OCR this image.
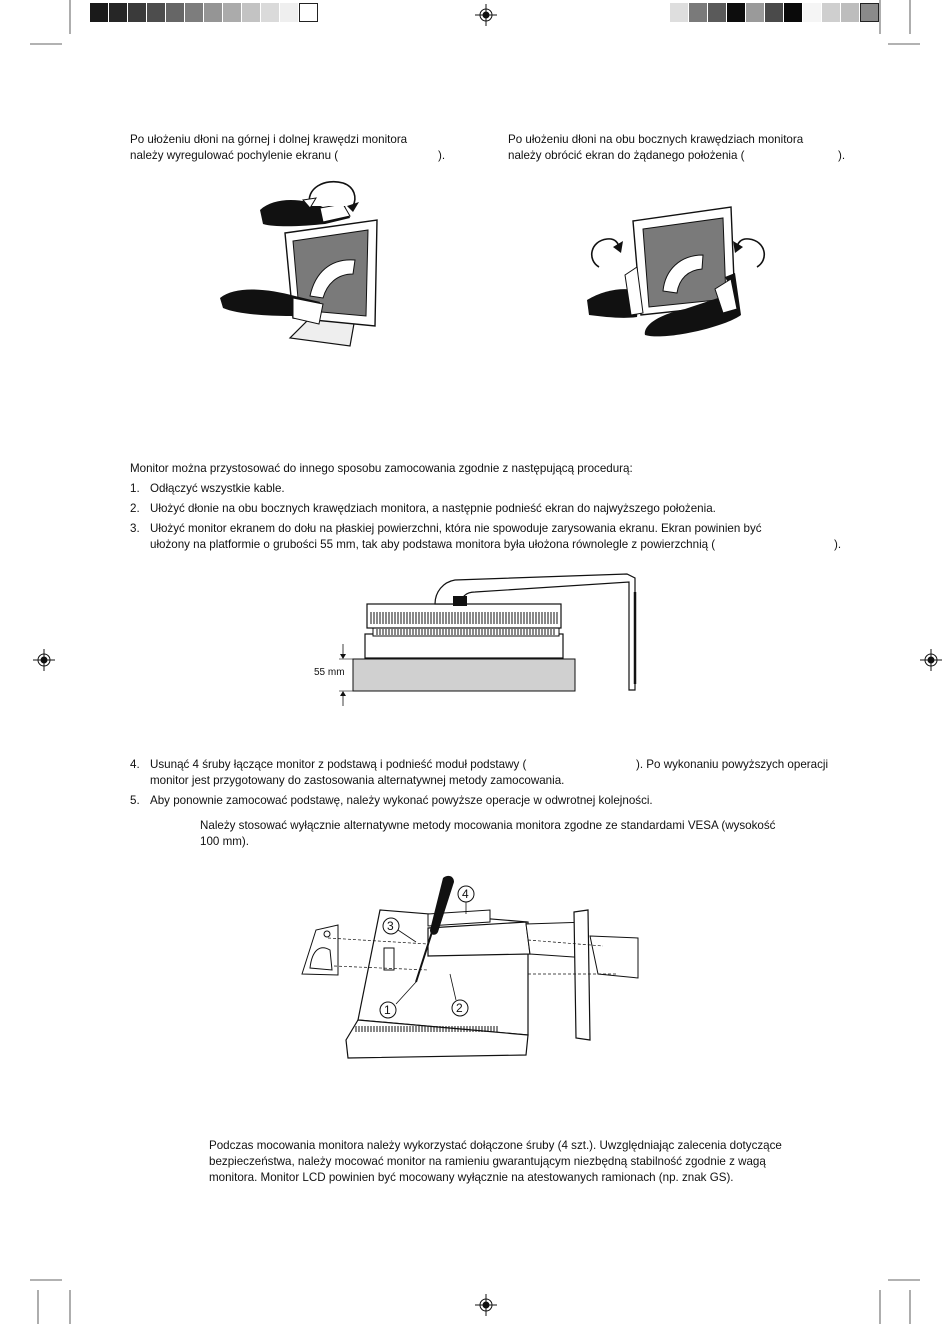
Po ułożeniu dłoni na górnej i dolnej krawędzi monitora
należy wyregulować pochylenie ekranu (	).
Po ułożeniu dłoni na obu bocznych krawędziach monitora
należy obrócić ekran do żądanego położenia (	).
Monitor można przystosować do innego sposobu zamocowania zgodnie z następującą procedurą:
1. Odłączyć wszystkie kable.
2. Ułożyć dłonie na obu bocznych krawędziach monitora, a następnie podnieść ekran do najwyższego położenia.
3. Ułożyć monitor ekranem do dołu na płaskiej powierzchni, która nie spowoduje zarysowania ekranu. Ekran powinien być
ułożony na platformie o grubości 55 mm, tak aby podstawa monitora była ułożona równolegle z powierzchnią (	).
55 mm
4. Usunąć 4 śruby łączące monitor z podstawą i podnieść moduł podstawy (	). Po wykonaniu powyższych operacji
monitor jest przygotowany do zastosowania alternatywnej metody zamocowania.
5. Aby ponownie zamocować podstawę, należy wykonać powyższe operacje w odwrotnej kolejności.
Należy stosować wyłącznie alternatywne metody mocowania monitora zgodne ze standardami VESA (wysokość
100 mm).
1	2
3
4
Podczas mocowania monitora należy wykorzystać dołączone śruby (4 szt.). Uwzględniając zalecenia dotyczące
bezpieczeństwa, należy mocować monitor na ramieniu gwarantującym niezbędną stabilność zgodnie z wagą
monitora. Monitor LCD powinien być mocowany wyłącznie na atestowanych ramionach (np. znak GS).
